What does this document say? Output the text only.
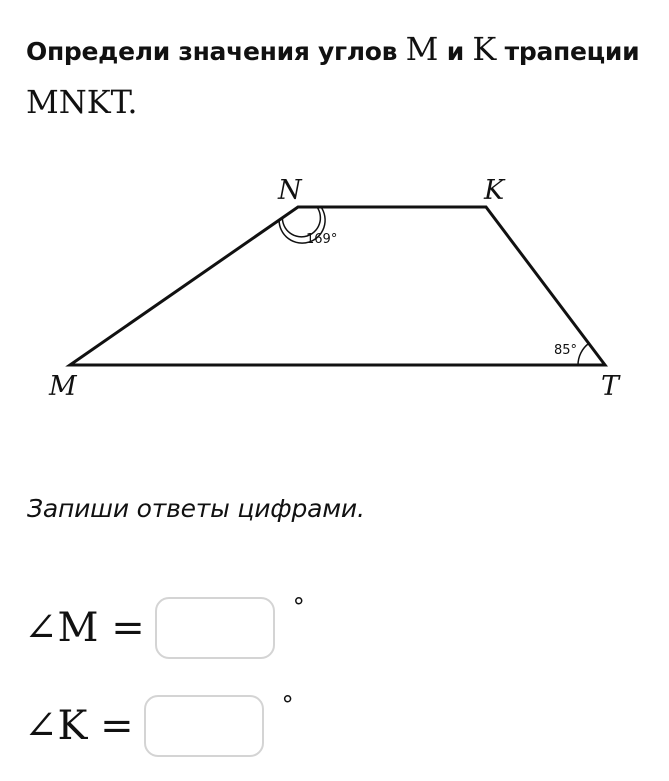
Определи значения углов M и K трапеции
MNKT.
N	K
M	T
169°
85°
Запиши ответы цифрами.
∠M =	°
∠K =	°
